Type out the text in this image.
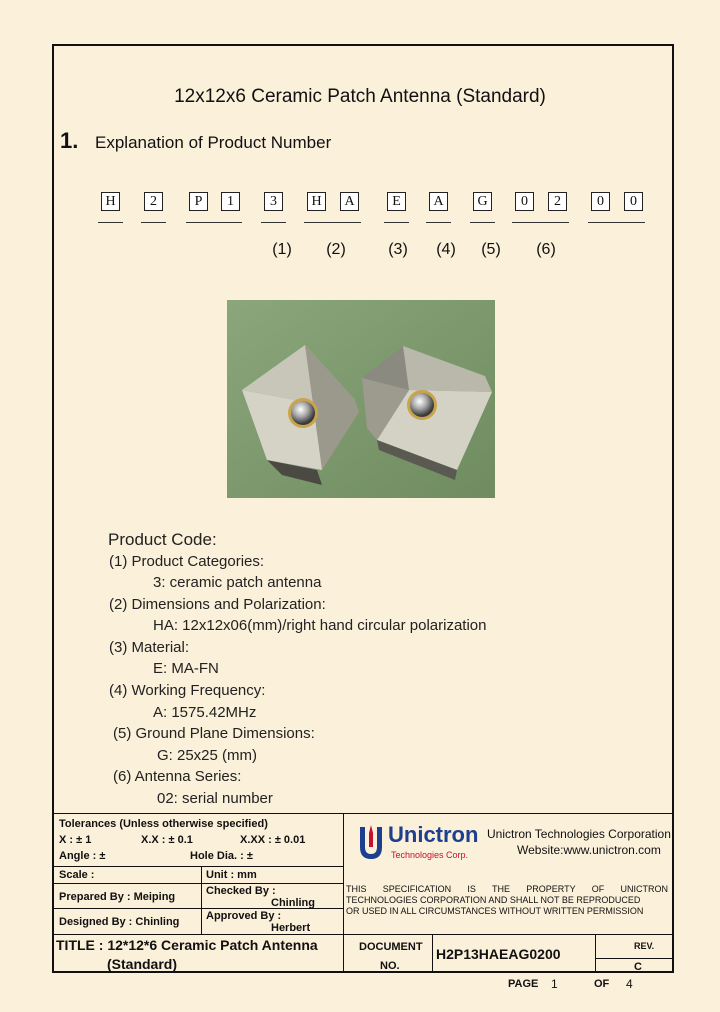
12x12x6 Ceramic Patch Antenna (Standard)
1. Explanation of Product Number
H	2	P	1	3	H	A	E	A	G	0	2	0	0
(1)	(2)	(3)	(4)	(5)	(6)
Product Code:
(1) Product Categories:
3: ceramic patch antenna
(2) Dimensions and Polarization:
HA: 12x12x06(mm)/right hand circular polarization
(3) Material:
E: MA-FN
(4) Working Frequency:
A: 1575.42MHz
(5) Ground Plane Dimensions:
G: 25x25 (mm)
(6) Antenna Series:
02: serial number
Tolerances (Unless otherwise specified)
X : ± 1	X.X : ± 0.1	X.XX : ± 0.01
Angle : ±	Hole Dia. : ±
Scale :	Unit : mm
Prepared By : Meiping	Checked By :
Chinling
Designed By : Chinling Approved By :
Herbert
Unictron
Technologies Corp.
Unictron Technologies Corporation
Website:www.unictron.com
THIS SPECIFICATION IS THE PROPERTY OF UNICTRON
TECHNOLOGIES CORPORATION AND SHALL NOT BE REPRODUCED
OR USED IN ALL CIRCUMSTANCES WITHOUT WRITTEN PERMISSION
TITLE : 12*12*6 Ceramic Patch Antenna
(Standard)
DOCUMENT
NO.
H2P13HAEAG0200	REV.
C
PAGE 1	OF 4
